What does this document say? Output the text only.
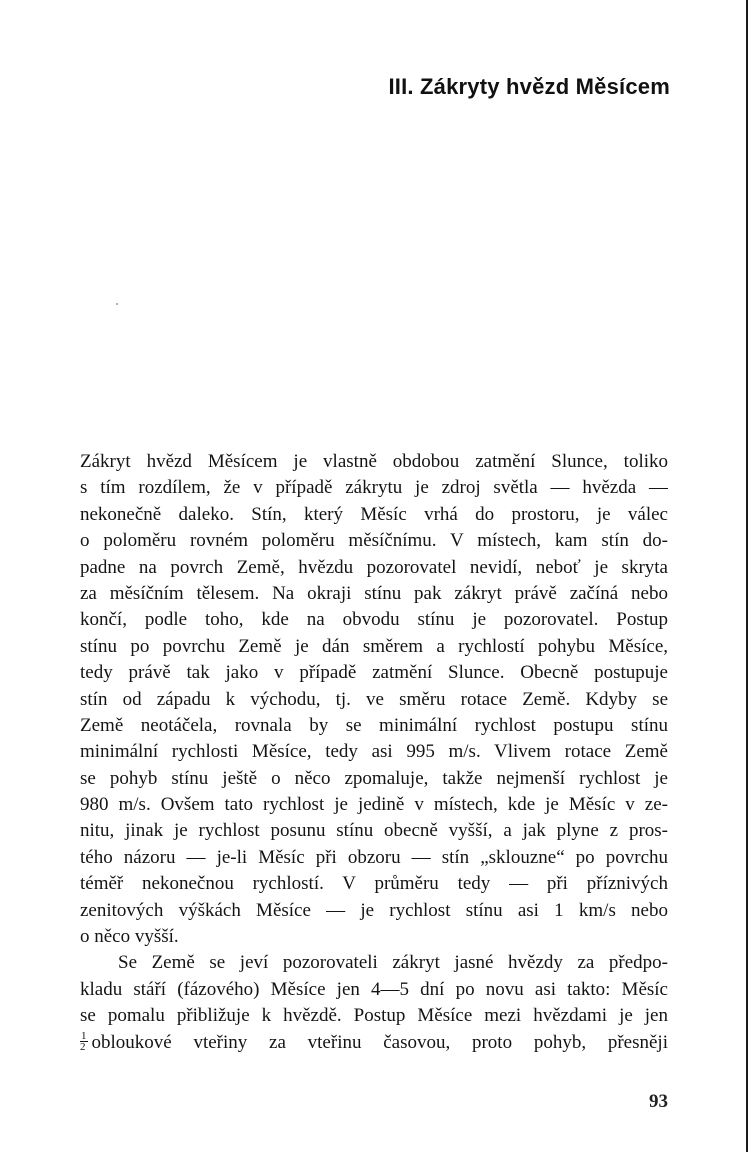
III. Zákryty hvězd Měsícem
Zákryt hvězd Měsícem je vlastně obdobou zatmění Slunce, toliko
s tím rozdílem, že v případě zákrytu je zdroj světla — hvězda —
nekonečně daleko. Stín, který Měsíc vrhá do prostoru, je válec
o poloměru rovném poloměru měsíčnímu. V místech, kam stín do-
padne na povrch Země, hvězdu pozorovatel nevidí, neboť je skryta
za měsíčním tělesem. Na okraji stínu pak zákryt právě začíná nebo
končí, podle toho, kde na obvodu stínu je pozorovatel. Postup
stínu po povrchu Země je dán směrem a rychlostí pohybu Měsíce,
tedy právě tak jako v případě zatmění Slunce. Obecně postupuje
stín od západu k východu, tj. ve směru rotace Země. Kdyby se
Země neotáčela, rovnala by se minimální rychlost postupu stínu
minimální rychlosti Měsíce, tedy asi 995 m/s. Vlivem rotace Země
se pohyb stínu ještě o něco zpomaluje, takže nejmenší rychlost je
980 m/s. Ovšem tato rychlost je jedině v místech, kde je Měsíc v ze-
nitu, jinak je rychlost posunu stínu obecně vyšší, a jak plyne z pros-
tého názoru — je-li Měsíc při obzoru — stín „sklouzne“ po povrchu
téměř nekonečnou rychlostí. V průměru tedy — při příznivých
zenitových výškách Měsíce — je rychlost stínu asi 1 km/s nebo
o něco vyšší.
Se Země se jeví pozorovateli zákryt jasné hvězdy za předpo-
kladu stáří (fázového) Měsíce jen 4—5 dní po novu asi takto: Měsíc
se pomalu přibližuje k hvězdě. Postup Měsíce mezi hvězdami je jen
$\frac{1}{2}$ obloukové vteřiny za vteřinu časovou, proto pohyb, přesněji
93
